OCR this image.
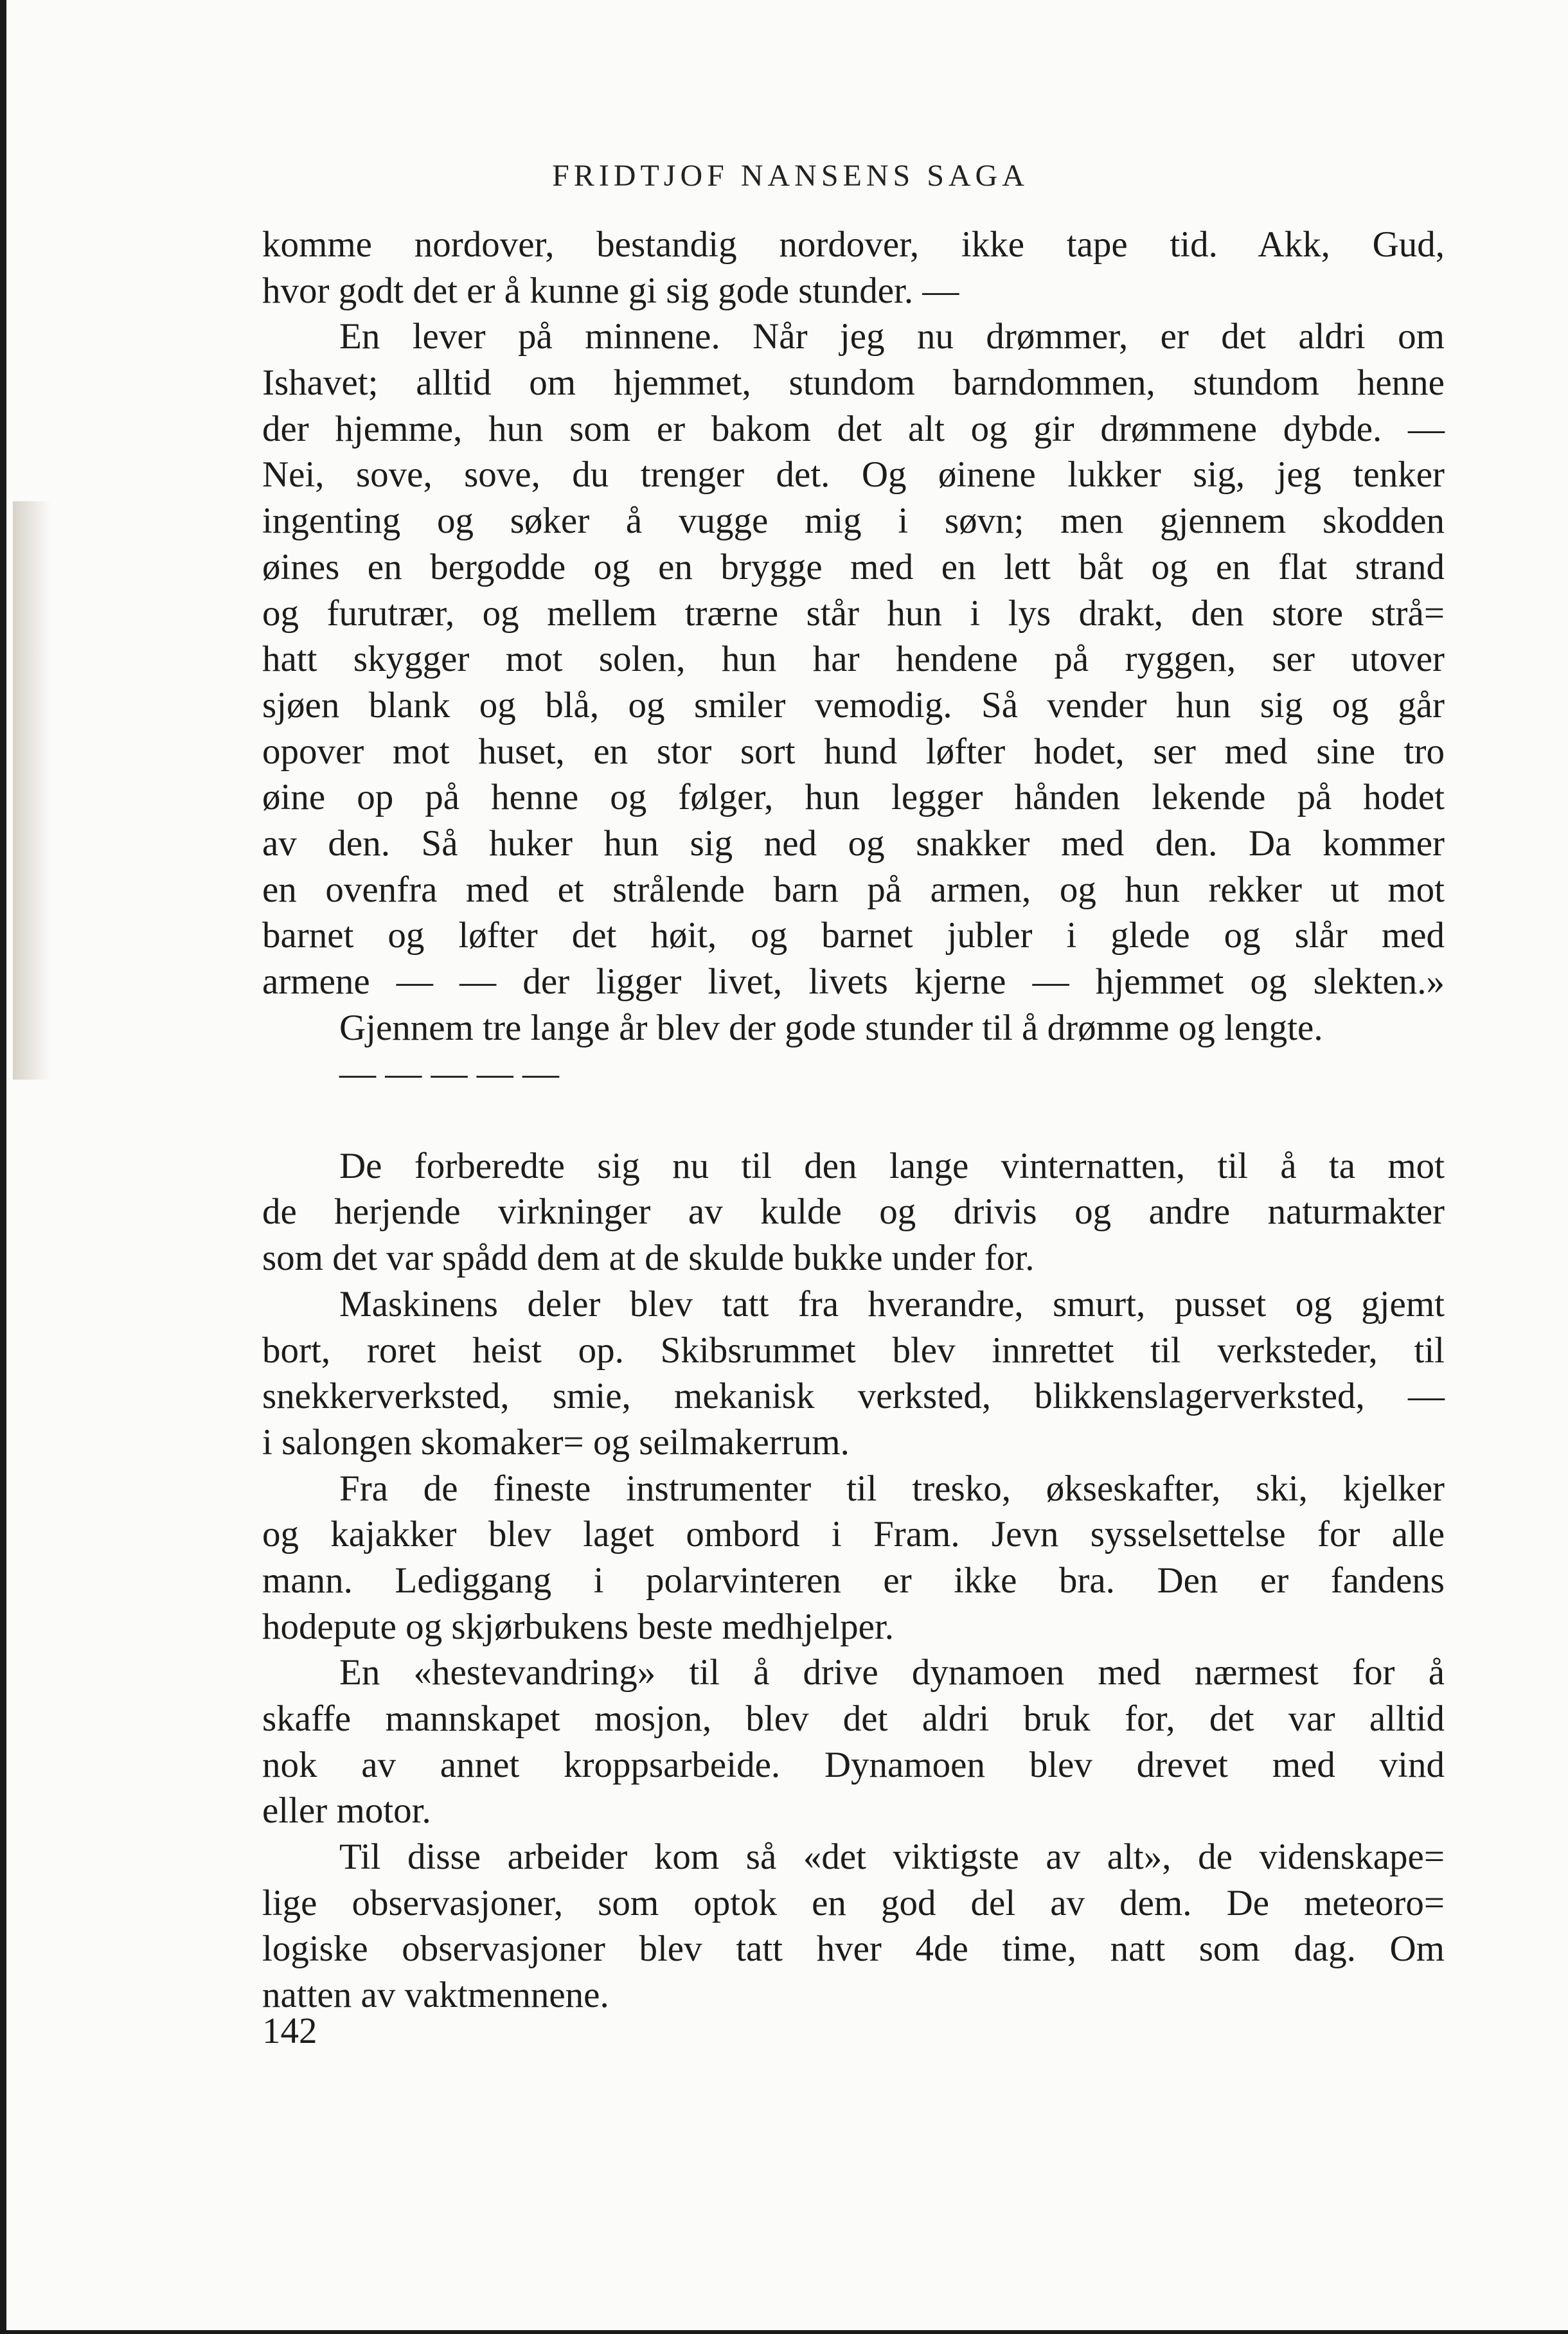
FRIDTJOF NANSENS SAGA
komme nordover, bestandig nordover, ikke tape tid. Akk, Gud,
hvor godt det er å kunne gi sig gode stunder. —
En lever på minnene. Når jeg nu drømmer, er det aldri om
Ishavet; alltid om hjemmet, stundom barndommen, stundom henne
der hjemme, hun som er bakom det alt og gir drømmene dybde. —
Nei, sove, sove, du trenger det. Og øinene lukker sig, jeg tenker
ingenting og søker å vugge mig i søvn; men gjennem skodden
øines en bergodde og en brygge med en lett båt og en flat strand
og furutrær, og mellem trærne står hun i lys drakt, den store strå=
hatt skygger mot solen, hun har hendene på ryggen, ser utover
sjøen blank og blå, og smiler vemodig. Så vender hun sig og går
opover mot huset, en stor sort hund løfter hodet, ser med sine tro
øine op på henne og følger, hun legger hånden lekende på hodet
av den. Så huker hun sig ned og snakker med den. Da kommer
en ovenfra med et strålende barn på armen, og hun rekker ut mot
barnet og løfter det høit, og barnet jubler i glede og slår med
armene — — der ligger livet, livets kjerne — hjemmet og slekten.»
Gjennem tre lange år blev der gode stunder til å drømme og lengte.
— — — — —
De forberedte sig nu til den lange vinternatten, til å ta mot
de herjende virkninger av kulde og drivis og andre naturmakter
som det var spådd dem at de skulde bukke under for.
Maskinens deler blev tatt fra hverandre, smurt, pusset og gjemt
bort, roret heist op. Skibsrummet blev innrettet til verksteder, til
snekkerverksted, smie, mekanisk verksted, blikkenslagerverksted, —
i salongen skomaker= og seilmakerrum.
Fra de fineste instrumenter til tresko, økseskafter, ski, kjelker
og kajakker blev laget ombord i Fram. Jevn sysselsettelse for alle
mann. Lediggang i polarvinteren er ikke bra. Den er fandens
hodepute og skjørbukens beste medhjelper.
En «hestevandring» til å drive dynamoen med nærmest for å
skaffe mannskapet mosjon, blev det aldri bruk for, det var alltid
nok av annet kroppsarbeide. Dynamoen blev drevet med vind
eller motor.
Til disse arbeider kom så «det viktigste av alt», de videnskape=
lige observasjoner, som optok en god del av dem. De meteoro=
logiske observasjoner blev tatt hver 4de time, natt som dag. Om
natten av vaktmennene.
142
